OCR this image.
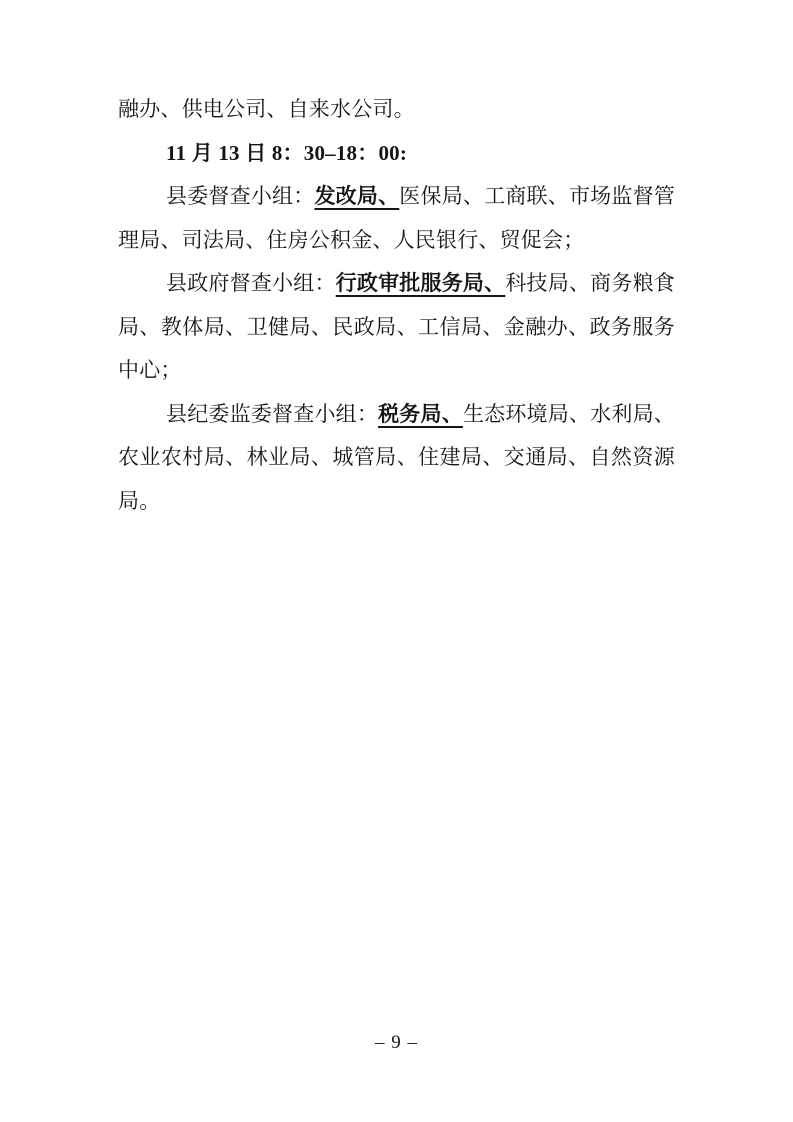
融办、供电公司、自来水公司。

11 月 13 日 8：30–18：00:

县委督查小组：发改局、医保局、工商联、市场监督管理局、司法局、住房公积金、人民银行、贸促会；

县政府督查小组：行政审批服务局、科技局、商务粮食局、教体局、卫健局、民政局、工信局、金融办、政务服务中心；

县纪委监委督查小组：税务局、生态环境局、水利局、农业农村局、林业局、城管局、住建局、交通局、自然资源局。

– 9 –
